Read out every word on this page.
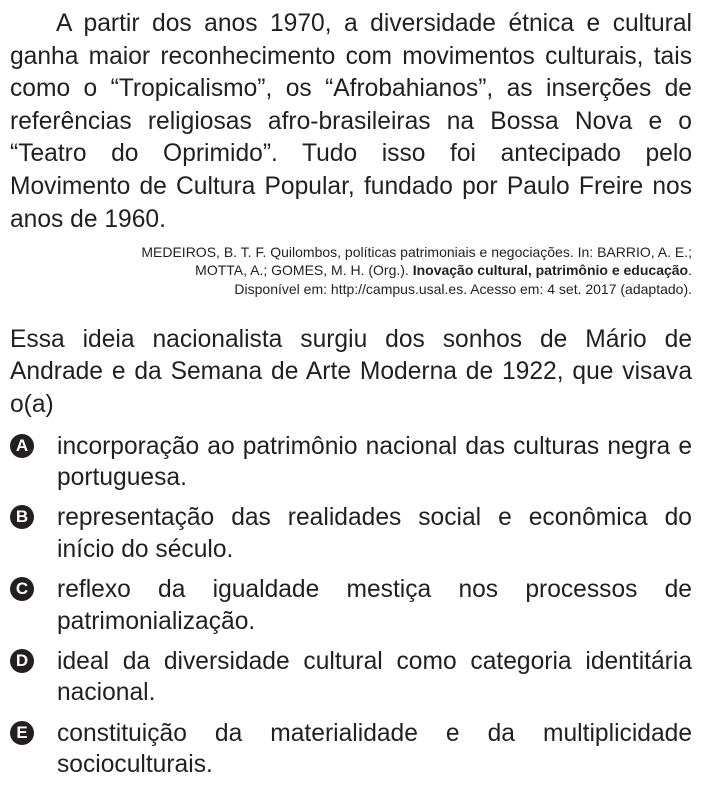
A partir dos anos 1970, a diversidade étnica e cultural ganha maior reconhecimento com movimentos culturais, tais como o “Tropicalismo”, os “Afrobahianos”, as inserções de referências religiosas afro-brasileiras na Bossa Nova e o “Teatro do Oprimido”. Tudo isso foi antecipado pelo Movimento de Cultura Popular, fundado por Paulo Freire nos anos de 1960.

MEDEIROS, B. T. F. Quilombos, políticas patrimoniais e negociações. In: BARRIO, A. E.;
MOTTA, A.; GOMES, M. H. (Org.). Inovação cultural, patrimônio e educação.
Disponível em: http://campus.usal.es. Acesso em: 4 set. 2017 (adaptado).

Essa ideia nacionalista surgiu dos sonhos de Mário de Andrade e da Semana de Arte Moderna de 1922, que visava o(a)

A incorporação ao patrimônio nacional das culturas negra e portuguesa.
B representação das realidades social e econômica do início do século.
C reflexo da igualdade mestiça nos processos de patrimonialização.
D ideal da diversidade cultural como categoria identitária nacional.
E constituição da materialidade e da multiplicidade socioculturais.
